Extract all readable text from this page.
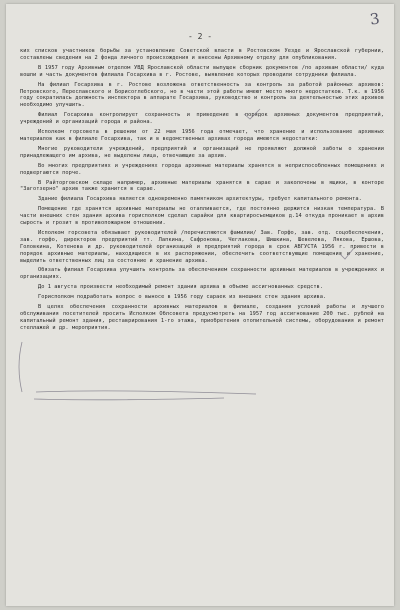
3
- 2 -

ких списков участников борьбы за установление Советской власти в Ростовском Уезде и Ярославской губернии, составлены сведения на 2 фонда личного происхождения и внесены Архивному отделу для опубликования.

В 1957 году Архивным отделом УВД Ярославской области выпущен сборник документов /по архивам области/ куда вошли и часть документов филиала Госархива в г. Ростове, выявление которых проводили сотрудники филиала.

На филиал Госархива в г. Ростове возложена ответственность за контроль за работой районных архивов: Петровского, Переславского и Борисоглебского, но в части этой работы имеют место много недостатков. Т.к. в 1956 году сократилась должность инспектора в аппарате Госархива, руководство и контроль за деятельностью этих архивов необходимо улучшить.

Филиал Госархива контролирует сохранность и приведение в порядок архивных документов предприятий, учреждений и организаций города и района.

Исполком горсовета в решении от 22 мая 1956 года отмечает, что хранение и использование архивных материалов как в филиале Госархива, так и в ведомственных архивах города имеются недостатки:

Многие руководители учреждений, предприятий и организаций не проявляют должной заботы о хранении принадлежащего им архива, не выделены лица, отвечающие за архив.

Во многих предприятиях и учреждениях города архивные материалы хранятся в неприспособленных помещениях и подвергаются порче.

В Райторговском складе например, архивные материалы хранятся в сарае и заколочены в ящики, в конторе "Заготзерно" архив также хранится в сарае.

Здание филиала Госархива является одновременно памятником архитектуры, требует капитального ремонта.

Помещение где хранятся архивные материалы не отапливается, где постоянно держится низкая температура. В части внешних стен здания архива горисполком сделал сарайки для квартиросъемщиков д.14 откуда проникает в архив сырость и грозит в противопожарном отношении.

Исполком горсовета обязывает руководителей /перечисляются фамилии/ Зав. Горфо, зав. отд. соцобеспечения, зав. горфо, директоров предприятий тт. Лапкина, Сафронова, Чеглакова, Шишкина, Шевелева, Лякова, Ершова, Головкина, Котенева и др. руководителей организаций и предприятий города в срок АВГУСТА 1956 г. привести в порядок архивные материалы, находящиеся в их распоряжении, обеспечить соответствующие помещения и хранение, выделить ответственных лиц за состояние и хранение архива.

Обязать филиал Госархива улучшить контроль за обеспечением сохранности архивных материалов в учреждениях и организациях.

До 1 августа произвести необходимый ремонт здания архива в объеме ассигнованных средств.

Горисполком подработать вопрос о выносе в 1956 году сараек из внешних стен здания архива.

В целях обеспечения сохранности архивных материалов в филиале, создания условий работы и лучшего обслуживания посетителей просить Исполком Облсовета предусмотреть на 1957 год ассигнование 200 тыс. рублей на капитальный ремонт здания, реставрирования 1-го этажа, приобретения отопительной системы, оборудования и ремонт стеллажей и др. мероприятия.
